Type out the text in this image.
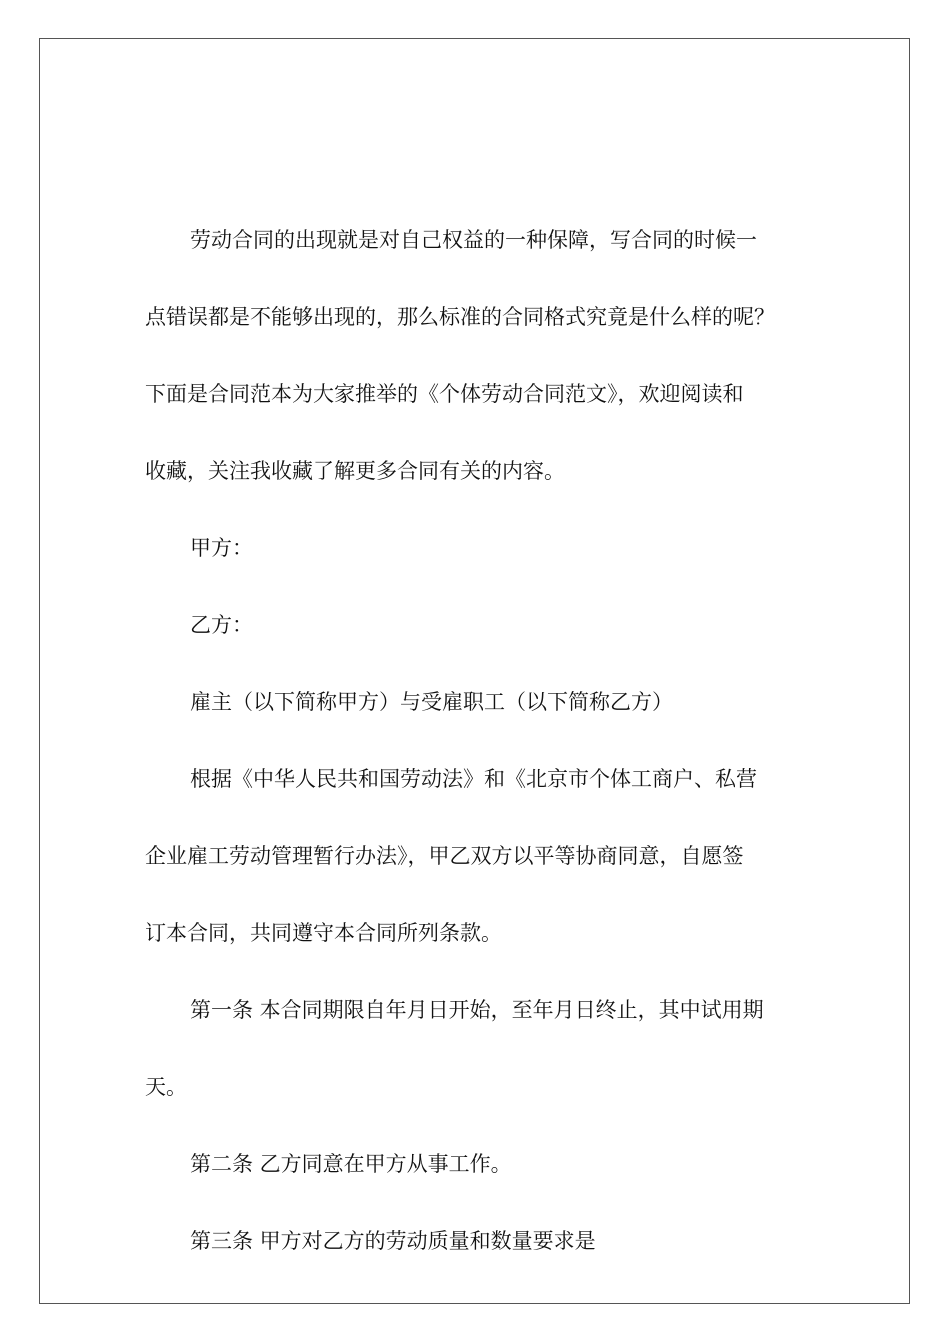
劳动合同的出现就是对自己权益的一种保障，写合同的时候一

点错误都是不能够出现的，那么标准的合同格式究竟是什么样的呢？

下面是合同范本为大家推举的《个体劳动合同范文》，欢迎阅读和

收藏，关注我收藏了解更多合同有关的内容。

甲方：

乙方：

雇主（以下简称甲方）与受雇职工（以下简称乙方）

根据《中华人民共和国劳动法》和《北京市个体工商户、私营

企业雇工劳动管理暂行办法》，甲乙双方以平等协商同意，自愿签

订本合同，共同遵守本合同所列条款。

第一条 本合同期限自年月日开始，至年月日终止，其中试用期

天。

第二条 乙方同意在甲方从事工作。

第三条 甲方对乙方的劳动质量和数量要求是
